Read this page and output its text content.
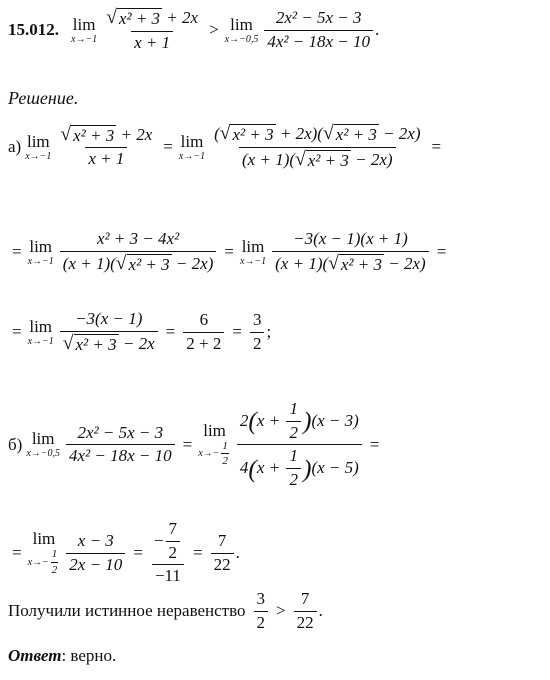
15.012. lim
$x\to-1 \frac{\text{√ x² + 3 + 2x}}{x + 1} > \lim$
$x\to-0,5 \frac{\text{2x² − 5x − 3}}{\text{4x² − 18x − 10}}$ .
Решение.
а) lim
$x\to-1 \frac{\text{√ x² + 3 + 2x}}{x + 1} = \lim$
$x\to-1 \frac{\text{( √ x² + 3 + 2x)( √ x² + 3 − 2x)}}{\text{(x + 1)( √ x² + 3 − 2x)}}$ =
= lim
$x\to-1 \frac{\text{x² + 3 − 4x²}}{\text{(x + 1)( √ x² + 3 − 2x)}} = \lim$
$x\to-1 \frac{-3(x - 1)(x + 1)}{\text{(x + 1)( √ x² + 3 − 2x)}}$ =
= lim
$x\to-1 \frac{-3(x - 1)}{\text{√ x² + 3 − 2x}} = \frac{6}{2 + 2} = \frac{3}{2}$ ;
б) lim
$x\to-0,5 \frac{\text{2x² − 5x − 3}}{\text{4x² − 18x − 10}}$ =
lim
$x\to- \frac{1}{2} 2$ ( x +
$\frac{1}{2}$ ) (x − 3)
4 ( x +
$\frac{1}{2}$ ) (x − 5) =
=
lim
$x\to- \frac{1}{2} \frac{x - 3}{2x - 10} = \frac{- \frac{7}{2}}{-11} = \frac{7}{22}$ .
Получили истинное неравенство $\frac{3}{2} > \frac{7}{22}$ .
Ответ: верно.
